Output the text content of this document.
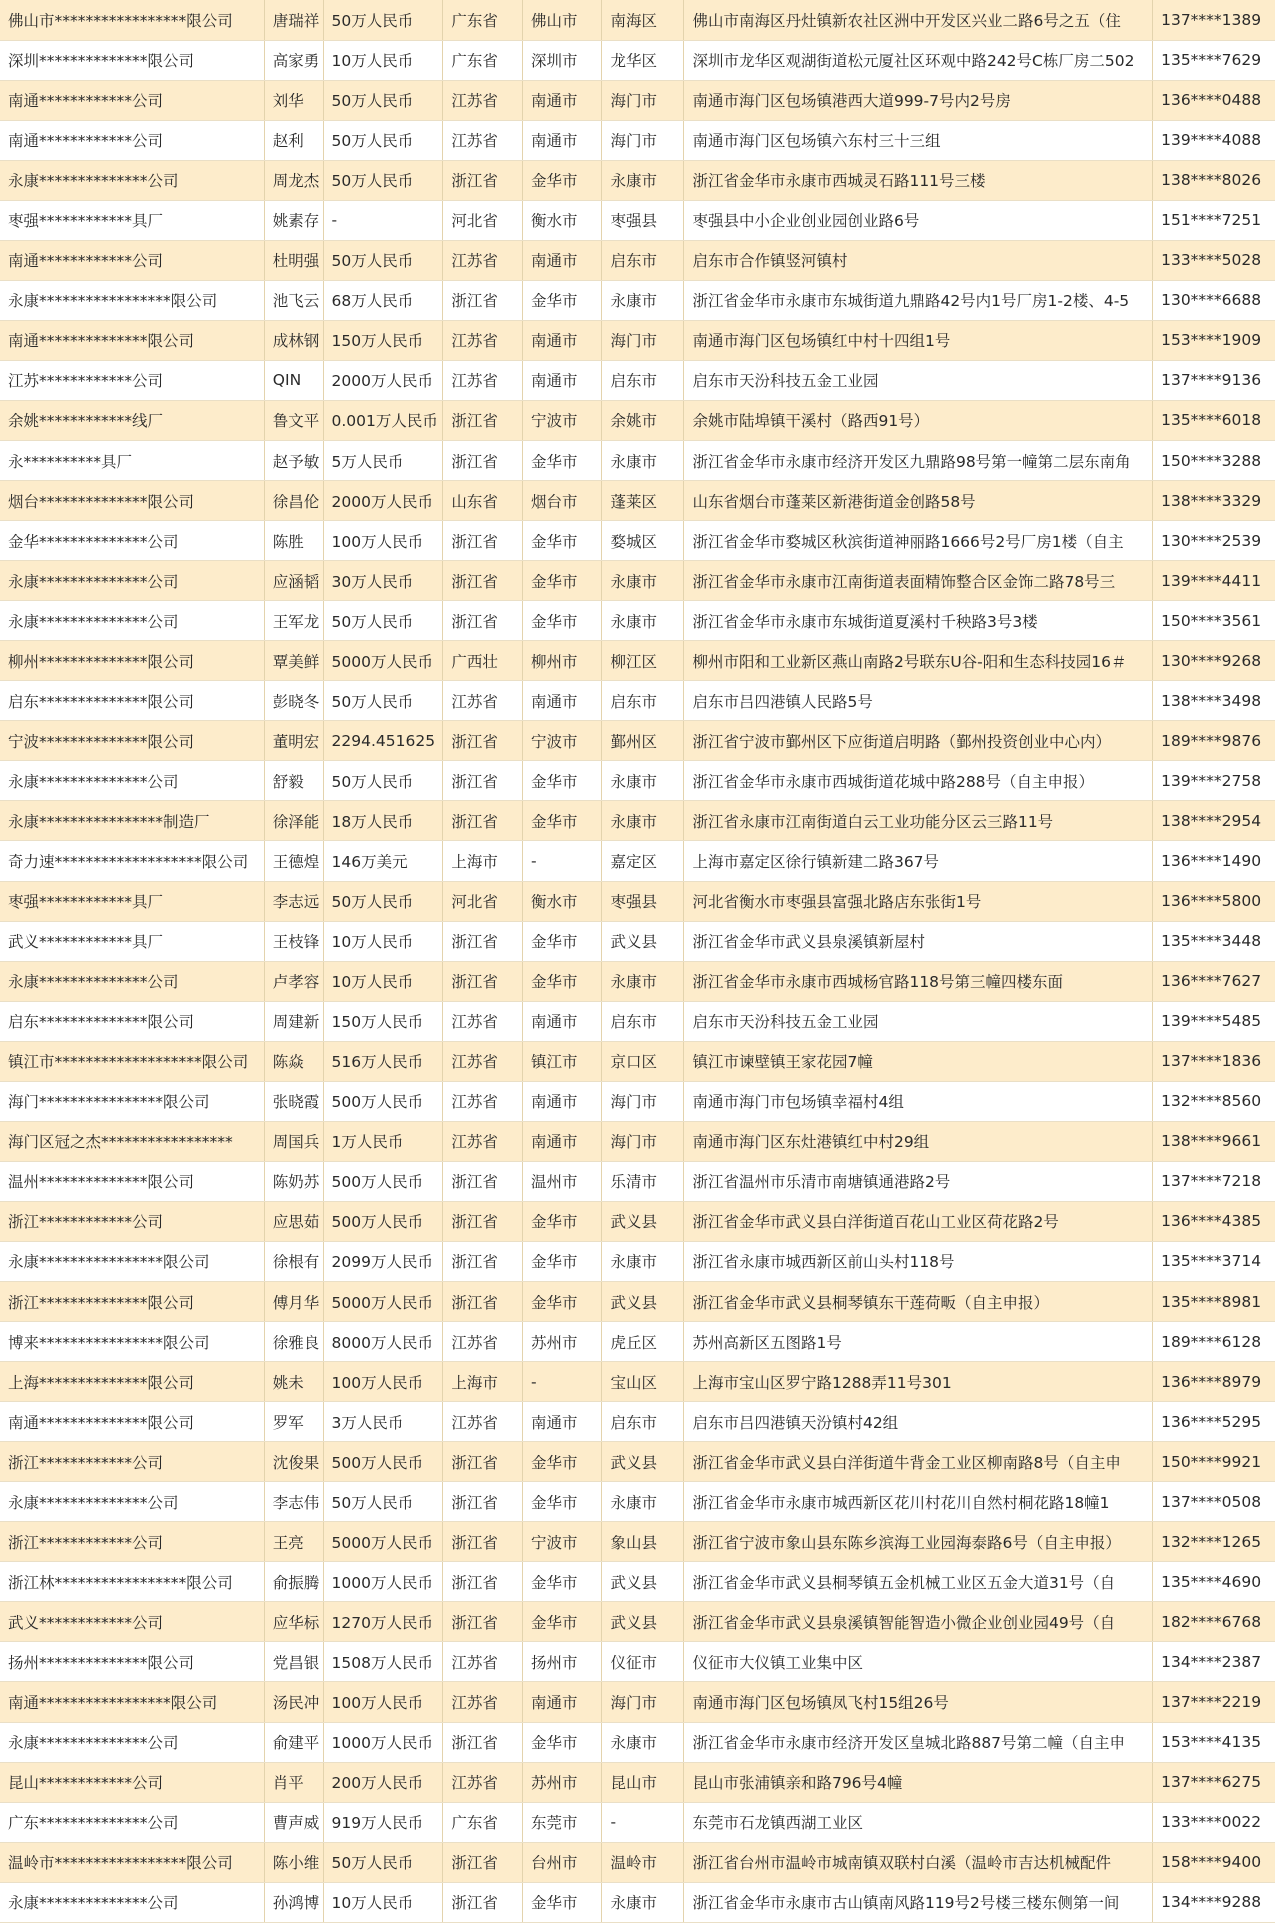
佛山市*****************限公司	唐瑞祥	50万人民币	广东省	佛山市	南海区	佛山市南海区丹灶镇新农社区洲中开发区兴业二路6号之五（住	137****1389
深圳**************限公司	高家勇	10万人民币	广东省	深圳市	龙华区	深圳市龙华区观湖街道松元厦社区环观中路242号C栋厂房二502	135****7629
南通************公司	刘华	50万人民币	江苏省	南通市	海门市	南通市海门区包场镇港西大道999-7号内2号房	136****0488
南通************公司	赵利	50万人民币	江苏省	南通市	海门市	南通市海门区包场镇六东村三十三组	139****4088
永康**************公司	周龙杰	50万人民币	浙江省	金华市	永康市	浙江省金华市永康市西城灵石路111号三楼	138****8026
枣强************具厂	姚素存	-	河北省	衡水市	枣强县	枣强县中小企业创业园创业路6号	151****7251
南通************公司	杜明强	50万人民币	江苏省	南通市	启东市	启东市合作镇竖河镇村	133****5028
永康*****************限公司	池飞云	68万人民币	浙江省	金华市	永康市	浙江省金华市永康市东城街道九鼎路42号内1号厂房1-2楼、4-5	130****6688
南通**************限公司	成林钢	150万人民币	江苏省	南通市	海门市	南通市海门区包场镇红中村十四组1号	153****1909
江苏************公司	QIN	2000万人民币	江苏省	南通市	启东市	启东市天汾科技五金工业园	137****9136
余姚************线厂	鲁文平	0.001万人民币	浙江省	宁波市	余姚市	余姚市陆埠镇干溪村（路西91号）	135****6018
永**********具厂	赵予敏	5万人民币	浙江省	金华市	永康市	浙江省金华市永康市经济开发区九鼎路98号第一幢第二层东南角	150****3288
烟台**************限公司	徐昌伦	2000万人民币	山东省	烟台市	蓬莱区	山东省烟台市蓬莱区新港街道金创路58号	138****3329
金华**************公司	陈胜	100万人民币	浙江省	金华市	婺城区	浙江省金华市婺城区秋滨街道神丽路1666号2号厂房1楼（自主	130****2539
永康**************公司	应涵韬	30万人民币	浙江省	金华市	永康市	浙江省金华市永康市江南街道表面精饰整合区金饰二路78号三	139****4411
永康**************公司	王军龙	50万人民币	浙江省	金华市	永康市	浙江省金华市永康市东城街道夏溪村千秧路3号3楼	150****3561
柳州**************限公司	覃美鲜	5000万人民币	广西壮	柳州市	柳江区	柳州市阳和工业新区燕山南路2号联东U谷-阳和生态科技园16＃	130****9268
启东**************限公司	彭晓冬	50万人民币	江苏省	南通市	启东市	启东市吕四港镇人民路5号	138****3498
宁波**************限公司	董明宏	2294.451625	浙江省	宁波市	鄞州区	浙江省宁波市鄞州区下应街道启明路（鄞州投资创业中心内）	189****9876
永康**************公司	舒毅	50万人民币	浙江省	金华市	永康市	浙江省金华市永康市西城街道花城中路288号（自主申报）	139****2758
永康****************制造厂	徐泽能	18万人民币	浙江省	金华市	永康市	浙江省永康市江南街道白云工业功能分区云三路11号	138****2954
奇力速*******************限公司	王德煌	146万美元	上海市	-	嘉定区	上海市嘉定区徐行镇新建二路367号	136****1490
枣强************具厂	李志远	50万人民币	河北省	衡水市	枣强县	河北省衡水市枣强县富强北路店东张街1号	136****5800
武义************具厂	王枝锋	10万人民币	浙江省	金华市	武义县	浙江省金华市武义县泉溪镇新屋村	135****3448
永康**************公司	卢孝容	10万人民币	浙江省	金华市	永康市	浙江省金华市永康市西城杨官路118号第三幢四楼东面	136****7627
启东**************限公司	周建新	150万人民币	江苏省	南通市	启东市	启东市天汾科技五金工业园	139****5485
镇江市*******************限公司	陈焱	516万人民币	江苏省	镇江市	京口区	镇江市谏壁镇王家花园7幢	137****1836
海门****************限公司	张晓霞	500万人民币	江苏省	南通市	海门市	南通市海门市包场镇幸福村4组	132****8560
海门区冠之杰*****************	周国兵	1万人民币	江苏省	南通市	海门市	南通市海门区东灶港镇红中村29组	138****9661
温州**************限公司	陈奶苏	500万人民币	浙江省	温州市	乐清市	浙江省温州市乐清市南塘镇通港路2号	137****7218
浙江************公司	应思茹	500万人民币	浙江省	金华市	武义县	浙江省金华市武义县白洋街道百花山工业区荷花路2号	136****4385
永康****************限公司	徐根有	2099万人民币	浙江省	金华市	永康市	浙江省永康市城西新区前山头村118号	135****3714
浙江**************限公司	傅月华	5000万人民币	浙江省	金华市	武义县	浙江省金华市武义县桐琴镇东干莲荷畈（自主申报）	135****8981
博来****************限公司	徐雅良	8000万人民币	江苏省	苏州市	虎丘区	苏州高新区五图路1号	189****6128
上海**************限公司	姚未	100万人民币	上海市	-	宝山区	上海市宝山区罗宁路1288弄11号301	136****8979
南通**************限公司	罗军	3万人民币	江苏省	南通市	启东市	启东市吕四港镇天汾镇村42组	136****5295
浙江************公司	沈俊果	500万人民币	浙江省	金华市	武义县	浙江省金华市武义县白洋街道牛背金工业区柳南路8号（自主申	150****9921
永康**************公司	李志伟	50万人民币	浙江省	金华市	永康市	浙江省金华市永康市城西新区花川村花川自然村桐花路18幢1	137****0508
浙江************公司	王亮	5000万人民币	浙江省	宁波市	象山县	浙江省宁波市象山县东陈乡滨海工业园海泰路6号（自主申报）	132****1265
浙江林*****************限公司	俞振腾	1000万人民币	浙江省	金华市	武义县	浙江省金华市武义县桐琴镇五金机械工业区五金大道31号（自	135****4690
武义************公司	应华标	1270万人民币	浙江省	金华市	武义县	浙江省金华市武义县泉溪镇智能智造小微企业创业园49号（自	182****6768
扬州**************限公司	党昌银	1508万人民币	江苏省	扬州市	仪征市	仪征市大仪镇工业集中区	134****2387
南通*****************限公司	汤民冲	100万人民币	江苏省	南通市	海门市	南通市海门区包场镇凤飞村15组26号	137****2219
永康**************公司	俞建平	1000万人民币	浙江省	金华市	永康市	浙江省金华市永康市经济开发区皇城北路887号第二幢（自主申	153****4135
昆山************公司	肖平	200万人民币	江苏省	苏州市	昆山市	昆山市张浦镇亲和路796号4幢	137****6275
广东**************公司	曹声威	919万人民币	广东省	东莞市	-	东莞市石龙镇西湖工业区	133****0022
温岭市*****************限公司	陈小维	50万人民币	浙江省	台州市	温岭市	浙江省台州市温岭市城南镇双联村白溪（温岭市吉达机械配件	158****9400
永康**************公司	孙鸿博	10万人民币	浙江省	金华市	永康市	浙江省金华市永康市古山镇南风路119号2号楼三楼东侧第一间	134****9288
